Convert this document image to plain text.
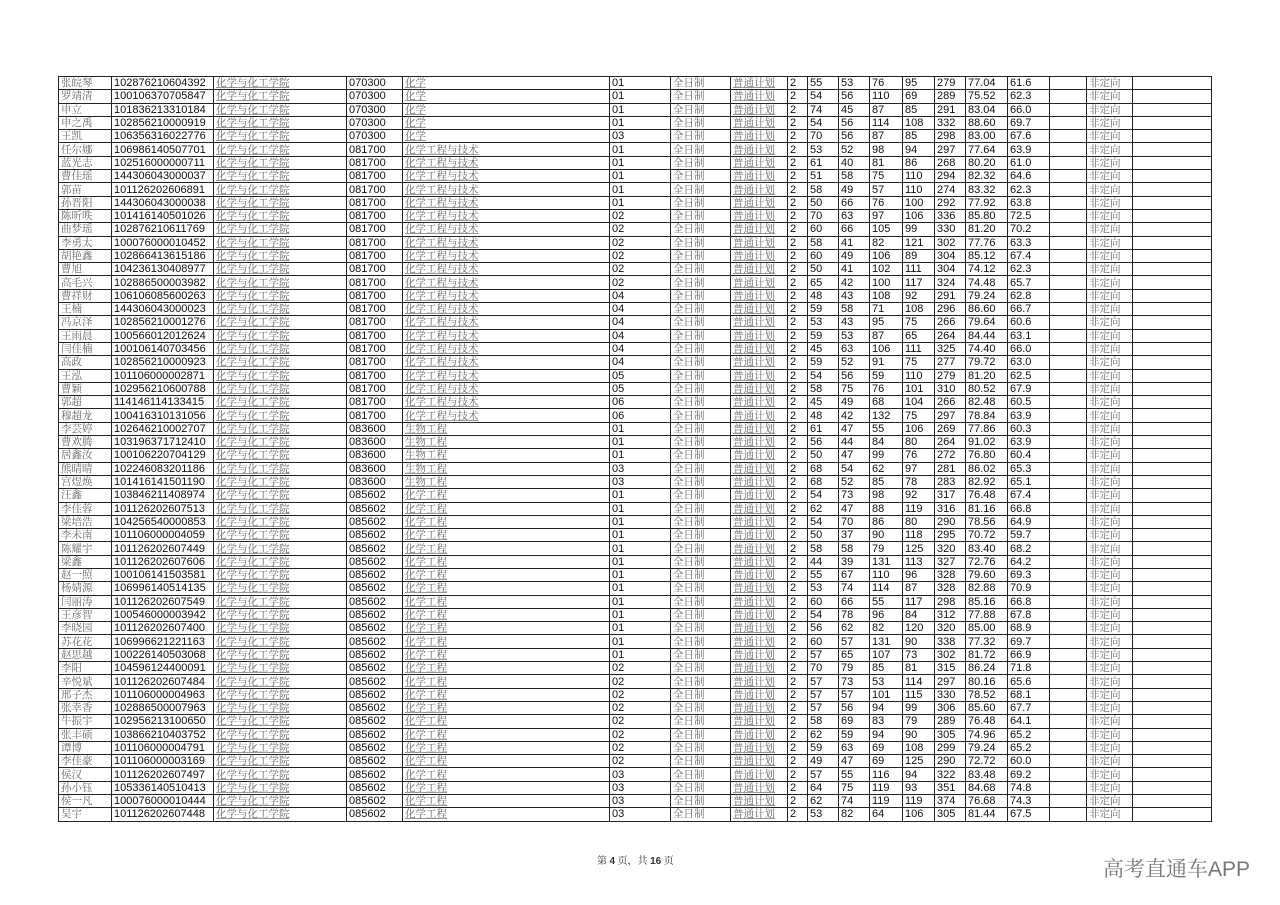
张皖琴	102876210604392	化学与化工学院	070300	化学	01	全日制	普通计划	2	55	53	76	95	279	77.04	61.6		非定向	
罗靖清	100106370705847	化学与化工学院	070300	化学	01	全日制	普通计划	2	54	56	110	69	289	75.52	62.3		非定向	
申立	101836213310184	化学与化工学院	070300	化学	01	全日制	普通计划	2	74	45	87	85	291	83.04	66.0		非定向	
申之禹	102856210000919	化学与化工学院	070300	化学	01	全日制	普通计划	2	54	56	114	108	332	88.60	69.7		非定向	
王凯	106356316022776	化学与化工学院	070300	化学	03	全日制	普通计划	2	70	56	87	85	298	83.00	67.6		非定向	
任尔娜	106986140507701	化学与化工学院	081700	化学工程与技术	01	全日制	普通计划	2	53	52	98	94	297	77.64	63.9		非定向	
蓝光志	102516000000711	化学与化工学院	081700	化学工程与技术	01	全日制	普通计划	2	61	40	81	86	268	80.20	61.0		非定向	
曹佳瑶	144306043000037	化学与化工学院	081700	化学工程与技术	01	全日制	普通计划	2	51	58	75	110	294	82.32	64.6		非定向	
郭苗	101126202606891	化学与化工学院	081700	化学工程与技术	01	全日制	普通计划	2	58	49	57	110	274	83.32	62.3		非定向	
孙晋阳	144306043000038	化学与化工学院	081700	化学工程与技术	01	全日制	普通计划	2	50	66	76	100	292	77.92	63.8		非定向	
陈昕昳	101416140501026	化学与化工学院	081700	化学工程与技术	02	全日制	普通计划	2	70	63	97	106	336	85.80	72.5		非定向	
曲梦瑶	102876210611769	化学与化工学院	081700	化学工程与技术	02	全日制	普通计划	2	60	66	105	99	330	81.20	70.2		非定向	
李勇太	100076000010452	化学与化工学院	081700	化学工程与技术	02	全日制	普通计划	2	58	41	82	121	302	77.76	63.3		非定向	
胡艳鑫	102866413615186	化学与化工学院	081700	化学工程与技术	02	全日制	普通计划	2	60	49	106	89	304	85.12	67.4		非定向	
曹旭	104236130408977	化学与化工学院	081700	化学工程与技术	02	全日制	普通计划	2	50	41	102	111	304	74.12	62.3		非定向	
高毛兴	102886500003982	化学与化工学院	081700	化学工程与技术	02	全日制	普通计划	2	65	42	100	117	324	74.48	65.7		非定向	
曹祥财	106106085600263	化学与化工学院	081700	化学工程与技术	04	全日制	普通计划	2	48	43	108	92	291	79.24	62.8		非定向	
王楠	144306043000023	化学与化工学院	081700	化学工程与技术	04	全日制	普通计划	2	59	58	71	108	296	86.60	66.7		非定向	
冯京泽	102856210001276	化学与化工学院	081700	化学工程与技术	04	全日制	普通计划	2	53	43	95	75	266	79.64	60.6		非定向	
王雨晨	100566012012624	化学与化工学院	081700	化学工程与技术	04	全日制	普通计划	2	59	53	87	65	264	84.44	63.1		非定向	
闫佳楠	100106140703456	化学与化工学院	081700	化学工程与技术	04	全日制	普通计划	2	45	63	106	111	325	74.40	66.0		非定向	
高政	102856210000923	化学与化工学院	081700	化学工程与技术	04	全日制	普通计划	2	59	52	91	75	277	79.72	63.0		非定向	
王泓	101106000002871	化学与化工学院	081700	化学工程与技术	05	全日制	普通计划	2	54	56	59	110	279	81.20	62.5		非定向	
曹颖	102956210600788	化学与化工学院	081700	化学工程与技术	05	全日制	普通计划	2	58	75	76	101	310	80.52	67.9		非定向	
郭超	114146114133415	化学与化工学院	081700	化学工程与技术	06	全日制	普通计划	2	45	49	68	104	266	82.48	60.5		非定向	
穆超龙	100416310131056	化学与化工学院	081700	化学工程与技术	06	全日制	普通计划	2	48	42	132	75	297	78.84	63.9		非定向	
李芸婷	102646210002707	化学与化工学院	083600	生物工程	01	全日制	普通计划	2	61	47	55	106	269	77.86	60.3		非定向	
曹欢腾	103196371712410	化学与化工学院	083600	生物工程	01	全日制	普通计划	2	56	44	84	80	264	91.02	63.9		非定向	
居鑫汝	100106220704129	化学与化工学院	083600	生物工程	01	全日制	普通计划	2	50	47	99	76	272	76.80	60.4		非定向	
熊晴晴	102246083201186	化学与化工学院	083600	生物工程	03	全日制	普通计划	2	68	54	62	97	281	86.02	65.3		非定向	
宫煜焕	101416141501190	化学与化工学院	083600	生物工程	03	全日制	普通计划	2	68	52	85	78	283	82.92	65.1		非定向	
汪鑫	103846211408974	化学与化工学院	085602	化学工程	01	全日制	普通计划	2	54	73	98	92	317	76.48	67.4		非定向	
李佳蓉	101126202607513	化学与化工学院	085602	化学工程	01	全日制	普通计划	2	62	47	88	119	316	81.16	66.8		非定向	
梁培浩	104256540000853	化学与化工学院	085602	化学工程	01	全日制	普通计划	2	54	70	86	80	290	78.56	64.9		非定向	
李未南	101106000004059	化学与化工学院	085602	化学工程	01	全日制	普通计划	2	50	37	90	118	295	70.72	59.7		非定向	
陈耀宇	101126202607449	化学与化工学院	085602	化学工程	01	全日制	普通计划	2	58	58	79	125	320	83.40	68.2		非定向	
梁鑫	101126202607606	化学与化工学院	085602	化学工程	01	全日制	普通计划	2	44	39	131	113	327	72.76	64.2		非定向	
赵一照	100106141503581	化学与化工学院	085602	化学工程	01	全日制	普通计划	2	55	67	110	96	328	79.60	69.3		非定向	
杨婧源	106996140514135	化学与化工学院	085602	化学工程	01	全日制	普通计划	2	53	74	114	87	328	82.88	70.9		非定向	
闫丽涛	101126202607549	化学与化工学院	085602	化学工程	01	全日制	普通计划	2	60	66	55	117	298	85.16	66.8		非定向	
王彦智	100546000003942	化学与化工学院	085602	化学工程	01	全日制	普通计划	2	54	78	96	84	312	77.88	67.8		非定向	
李晓园	101126202607400	化学与化工学院	085602	化学工程	01	全日制	普通计划	2	56	62	82	120	320	85.00	68.9		非定向	
苏花花	106996621221163	化学与化工学院	085602	化学工程	01	全日制	普通计划	2	60	57	131	90	338	77.32	69.7		非定向	
赵思越	100226140503068	化学与化工学院	085602	化学工程	01	全日制	普通计划	2	57	65	107	73	302	81.72	66.9		非定向	
李阳	104596124400091	化学与化工学院	085602	化学工程	02	全日制	普通计划	2	70	79	85	81	315	86.24	71.8		非定向	
辛悦斌	101126202607484	化学与化工学院	085602	化学工程	02	全日制	普通计划	2	57	73	53	114	297	80.16	65.6		非定向	
邢子杰	101106000004963	化学与化工学院	085602	化学工程	02	全日制	普通计划	2	57	57	101	115	330	78.52	68.1		非定向	
张幸香	102886500007963	化学与化工学院	085602	化学工程	02	全日制	普通计划	2	57	56	94	99	306	85.60	67.7		非定向	
牛振宇	102956213100650	化学与化工学院	085602	化学工程	02	全日制	普通计划	2	58	69	83	79	289	76.48	64.1		非定向	
张丰硕	103866210403752	化学与化工学院	085602	化学工程	02	全日制	普通计划	2	62	59	94	90	305	74.96	65.2		非定向	
谭博	101106000004791	化学与化工学院	085602	化学工程	02	全日制	普通计划	2	59	63	69	108	299	79.24	65.2		非定向	
李佳豪	101106000003169	化学与化工学院	085602	化学工程	02	全日制	普通计划	2	49	47	69	125	290	72.72	60.0		非定向	
侯汉	101126202607497	化学与化工学院	085602	化学工程	03	全日制	普通计划	2	57	55	116	94	322	83.48	69.2		非定向	
孙小钰	105336140510413	化学与化工学院	085602	化学工程	03	全日制	普通计划	2	64	75	119	93	351	84.68	74.8		非定向	
侯一凡	100076000010444	化学与化工学院	085602	化学工程	03	全日制	普通计划	2	62	74	119	119	374	76.68	74.3		非定向	
吴宇	101126202607448	化学与化工学院	085602	化学工程	03	全日制	普通计划	2	53	82	64	106	305	81.44	67.5		非定向	
第 4 页，共 16 页	高考直通车APP
